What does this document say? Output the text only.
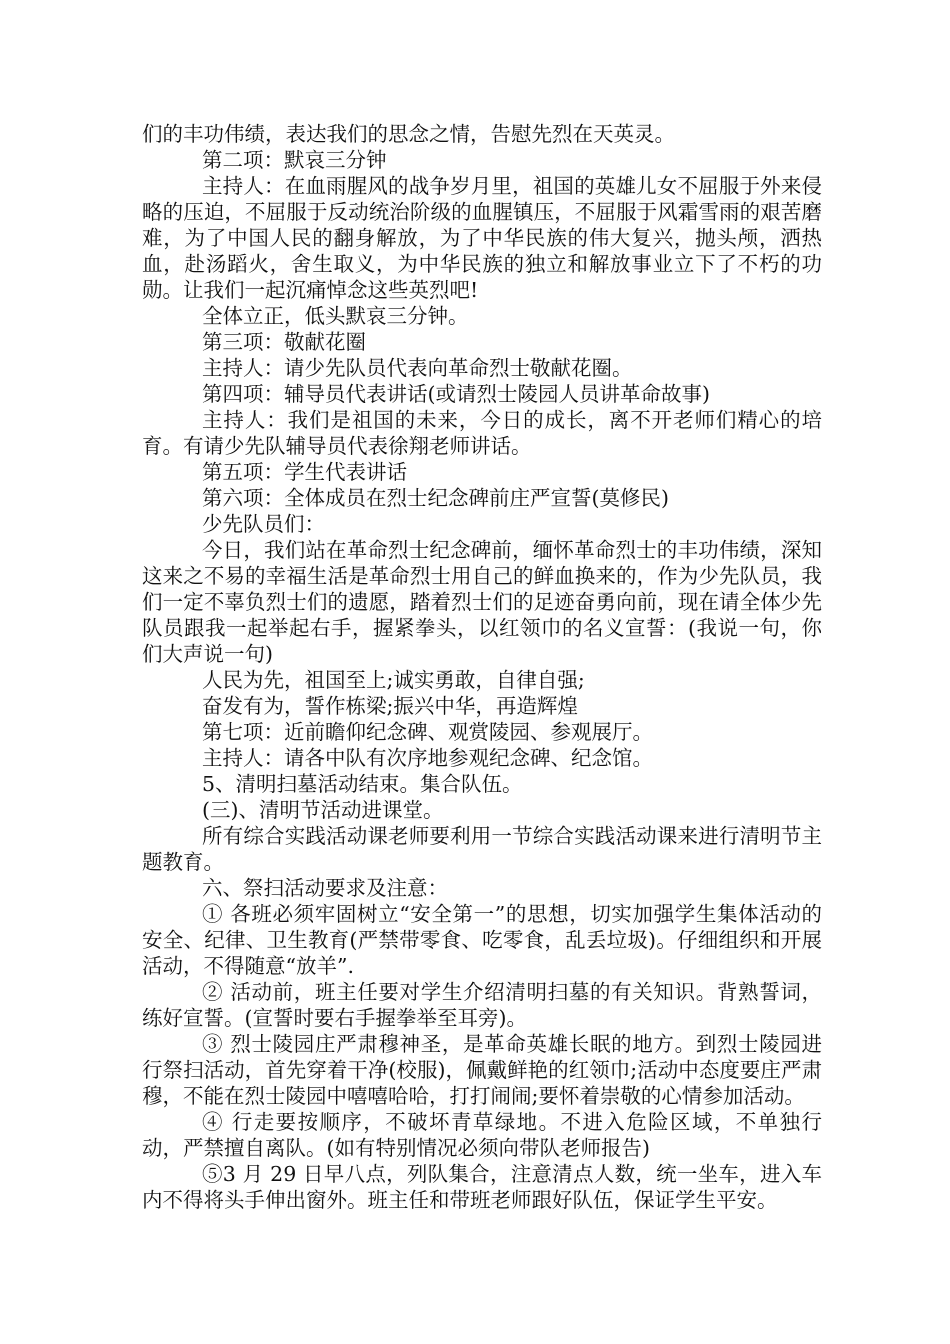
们的丰功伟绩，表达我们的思念之情，告慰先烈在天英灵。

第二项：默哀三分钟

主持人：在血雨腥风的战争岁月里，祖国的英雄儿女不屈服于外来侵略的压迫，不屈服于反动统治阶级的血腥镇压，不屈服于风霜雪雨的艰苦磨难，为了中国人民的翻身解放，为了中华民族的伟大复兴，抛头颅，洒热血，赴汤蹈火，舍生取义，为中华民族的独立和解放事业立下了不朽的功勋。让我们一起沉痛悼念这些英烈吧!

全体立正，低头默哀三分钟。

第三项：敬献花圈

主持人：请少先队员代表向革命烈士敬献花圈。

第四项：辅导员代表讲话(或请烈士陵园人员讲革命故事)

主持人：我们是祖国的未来，今日的成长，离不开老师们精心的培育。有请少先队辅导员代表徐翔老师讲话。

第五项：学生代表讲话

第六项：全体成员在烈士纪念碑前庄严宣誓(莫修民)

少先队员们：

今日，我们站在革命烈士纪念碑前，缅怀革命烈士的丰功伟绩，深知这来之不易的幸福生活是革命烈士用自己的鲜血换来的，作为少先队员，我们一定不辜负烈士们的遗愿，踏着烈士们的足迹奋勇向前，现在请全体少先队员跟我一起举起右手，握紧拳头，以红领巾的名义宣誓：(我说一句，你们大声说一句)

人民为先，祖国至上;诚实勇敢，自律自强;

奋发有为，誓作栋梁;振兴中华，再造辉煌

第七项：近前瞻仰纪念碑、观赏陵园、参观展厅。

主持人：请各中队有次序地参观纪念碑、纪念馆。

5、清明扫墓活动结束。集合队伍。

(三)、清明节活动进课堂。

所有综合实践活动课老师要利用一节综合实践活动课来进行清明节主题教育。

六、祭扫活动要求及注意：

① 各班必须牢固树立“安全第一”的思想，切实加强学生集体活动的安全、纪律、卫生教育(严禁带零食、吃零食，乱丢垃圾)。仔细组织和开展活动，不得随意“放羊”.

② 活动前，班主任要对学生介绍清明扫墓的有关知识。背熟誓词，练好宣誓。(宣誓时要右手握拳举至耳旁)。

③ 烈士陵园庄严肃穆神圣，是革命英雄长眠的地方。到烈士陵园进行祭扫活动，首先穿着干净(校服)，佩戴鲜艳的红领巾;活动中态度要庄严肃穆，不能在烈士陵园中嘻嘻哈哈，打打闹闹;要怀着崇敬的心情参加活动。

④ 行走要按顺序，不破坏青草绿地。不进入危险区域，不单独行动，严禁擅自离队。(如有特别情况必须向带队老师报告)

⑤3 月 29 日早八点，列队集合，注意清点人数，统一坐车，进入车内不得将头手伸出窗外。班主任和带班老师跟好队伍，保证学生平安。
